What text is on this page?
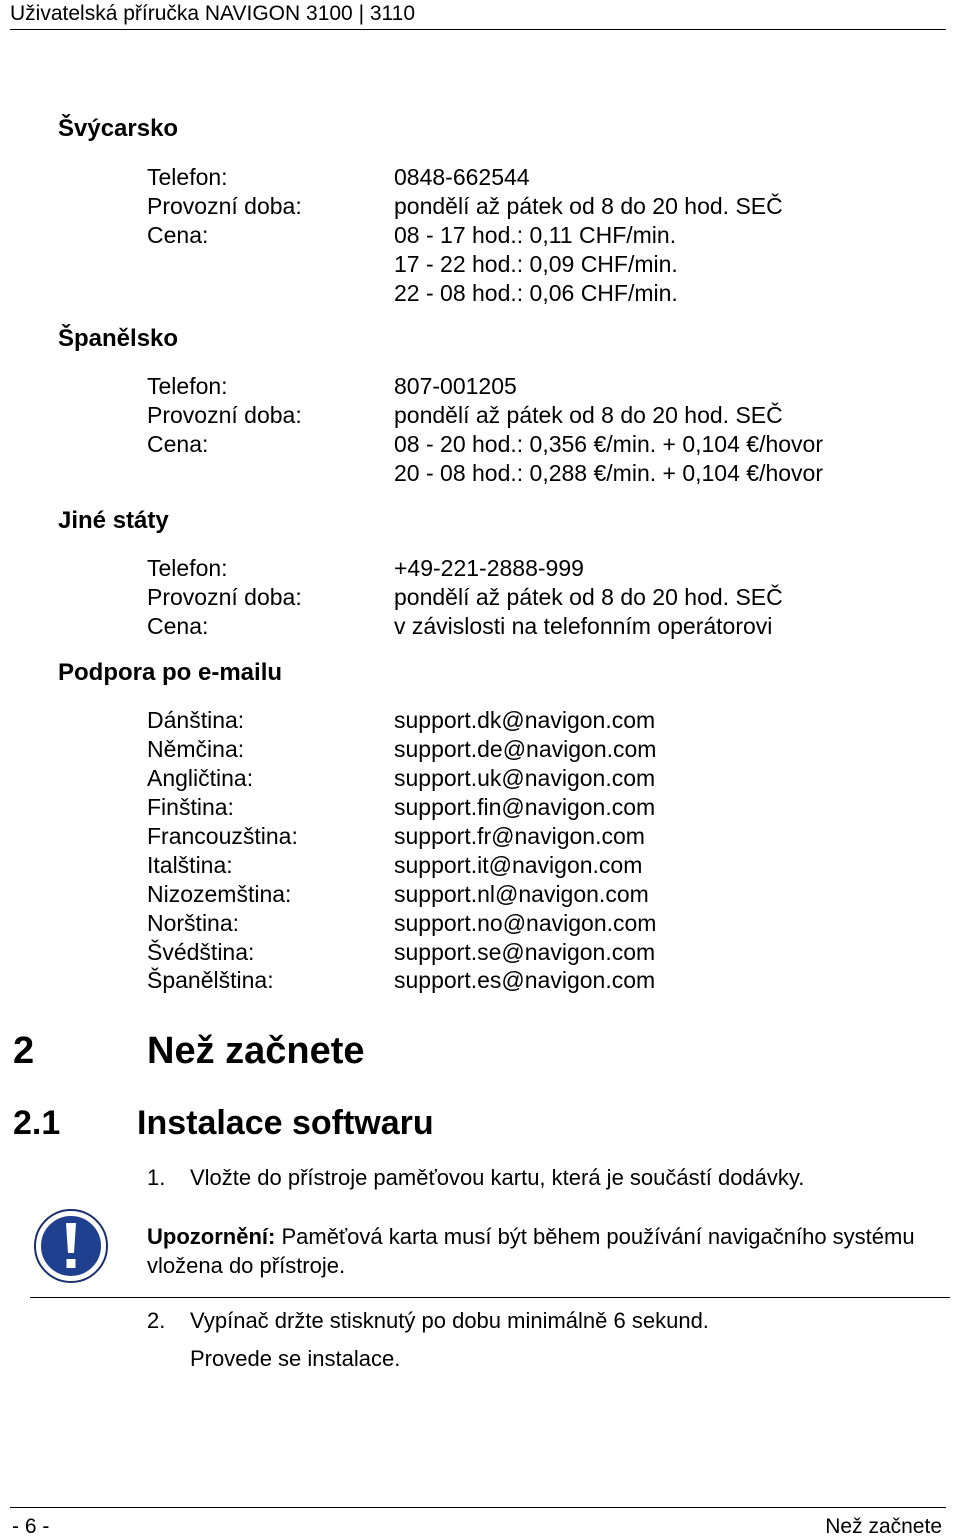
Uživatelská příručka NAVIGON 3100 | 3110
Švýcarsko
Telefon:	0848-662544
Provozní doba:	pondělí až pátek od 8 do 20 hod. SEČ
Cena:	08 - 17 hod.: 0,11 CHF/min.
17 - 22 hod.: 0,09 CHF/min.
22 - 08 hod.: 0,06 CHF/min.
Španělsko
Telefon:	807-001205
Provozní doba:	pondělí až pátek od 8 do 20 hod. SEČ
Cena:	08 - 20 hod.: 0,356 €/min. + 0,104 €/hovor
20 - 08 hod.: 0,288 €/min. + 0,104 €/hovor
Jiné státy
Telefon:	+49-221-2888-999
Provozní doba:	pondělí až pátek od 8 do 20 hod. SEČ
Cena:	v závislosti na telefonním operátorovi
Podpora po e-mailu
Dánština:	support.dk@navigon.com
Němčina:	support.de@navigon.com
Angličtina:	support.uk@navigon.com
Finština:	support.fin@navigon.com
Francouzština:	support.fr@navigon.com
Italština:	support.it@navigon.com
Nizozemština:	support.nl@navigon.com
Norština:	support.no@navigon.com
Švédština:	support.se@navigon.com
Španělština:	support.es@navigon.com
2	Než začnete
2.1 Instalace softwaru
1. Vložte do přístroje paměťovou kartu, která je součástí dodávky.
Upozornění: Paměťová karta musí být během používání navigačního systému vložena do přístroje.
2. Vypínač držte stisknutý po dobu minimálně 6 sekund.
Provede se instalace.
- 6 -	Než začnete
